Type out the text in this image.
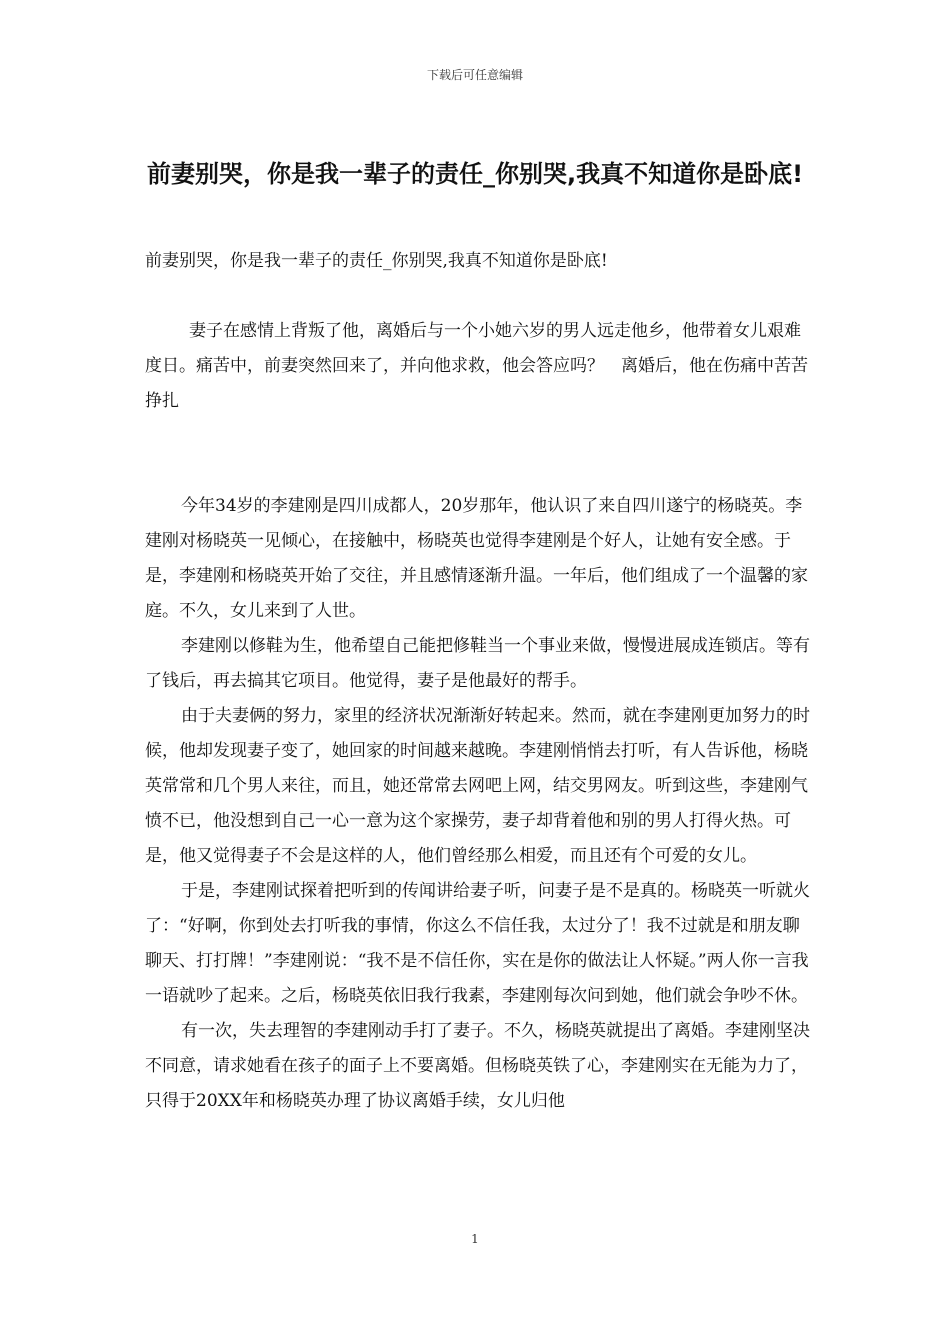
下载后可任意编辑
前妻别哭，你是我一辈子的责任_你别哭,我真不知道你是卧底!

前妻别哭，你是我一辈子的责任_你别哭,我真不知道你是卧底!

妻子在感情上背叛了他，离婚后与一个小她六岁的男人远走他乡，他带着女儿艰难度日。痛苦中，前妻突然回来了，并向他求救，他会答应吗？　离婚后，他在伤痛中苦苦挣扎

今年34岁的李建刚是四川成都人，20岁那年，他认识了来自四川遂宁的杨晓英。李建刚对杨晓英一见倾心，在接触中，杨晓英也觉得李建刚是个好人，让她有安全感。于是，李建刚和杨晓英开始了交往，并且感情逐渐升温。一年后，他们组成了一个温馨的家庭。不久，女儿来到了人世。

李建刚以修鞋为生，他希望自己能把修鞋当一个事业来做，慢慢进展成连锁店。等有了钱后，再去搞其它项目。他觉得，妻子是他最好的帮手。

由于夫妻俩的努力，家里的经济状况渐渐好转起来。然而，就在李建刚更加努力的时候，他却发现妻子变了，她回家的时间越来越晚。李建刚悄悄去打听，有人告诉他，杨晓英常常和几个男人来往，而且，她还常常去网吧上网，结交男网友。听到这些，李建刚气愤不已，他没想到自己一心一意为这个家操劳，妻子却背着他和别的男人打得火热。可是，他又觉得妻子不会是这样的人，他们曾经那么相爱，而且还有个可爱的女儿。

于是，李建刚试探着把听到的传闻讲给妻子听，问妻子是不是真的。杨晓英一听就火了：“好啊，你到处去打听我的事情，你这么不信任我，太过分了！我不过就是和朋友聊聊天、打打牌！”李建刚说：“我不是不信任你，实在是你的做法让人怀疑。”两人你一言我一语就吵了起来。之后，杨晓英依旧我行我素，李建刚每次问到她，他们就会争吵不休。

有一次，失去理智的李建刚动手打了妻子。不久，杨晓英就提出了离婚。李建刚坚决不同意，请求她看在孩子的面子上不要离婚。但杨晓英铁了心，李建刚实在无能为力了，只得于20XX年和杨晓英办理了协议离婚手续，女儿归他

1
